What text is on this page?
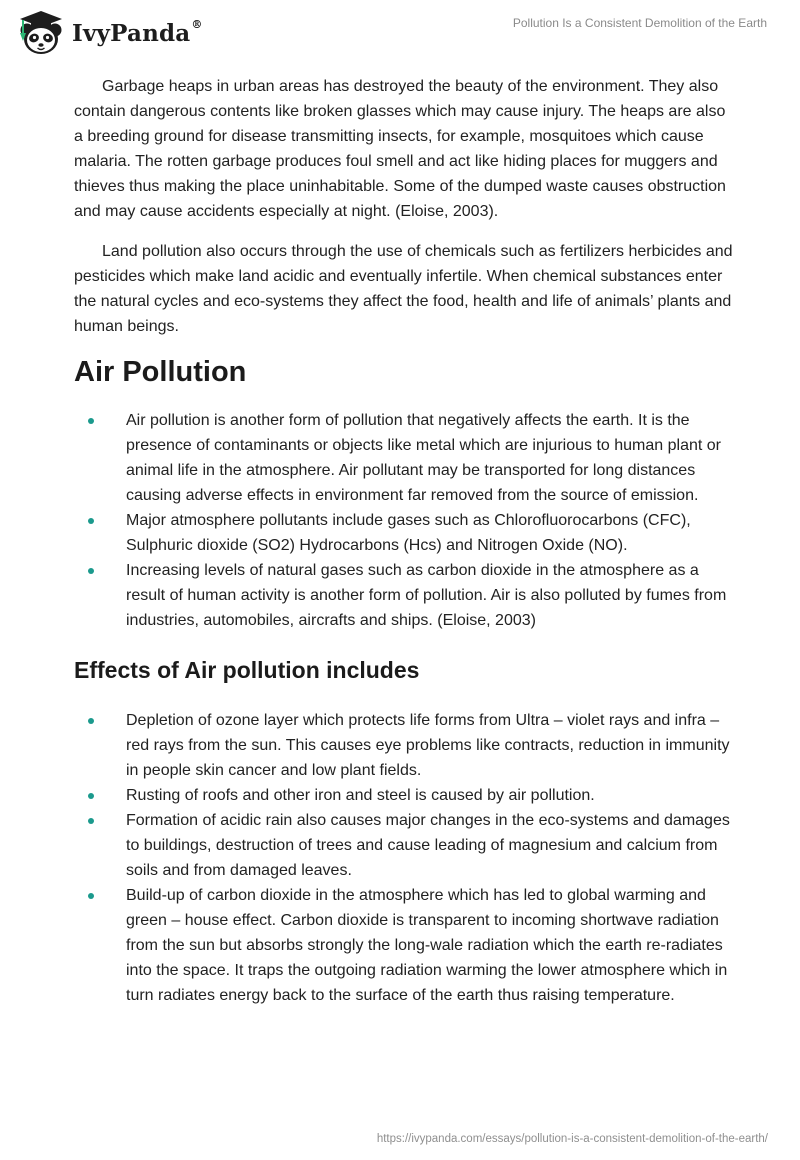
IvyPanda®	Pollution Is a Consistent Demolition of the Earth

Garbage heaps in urban areas has destroyed the beauty of the environment. They also contain dangerous contents like broken glasses which may cause injury. The heaps are also a breeding ground for disease transmitting insects, for example, mosquitoes which cause malaria. The rotten garbage produces foul smell and act like hiding places for muggers and thieves thus making the place uninhabitable. Some of the dumped waste causes obstruction and may cause accidents especially at night. (Eloise, 2003).

Land pollution also occurs through the use of chemicals such as fertilizers herbicides and pesticides which make land acidic and eventually infertile. When chemical substances enter the natural cycles and eco-systems they affect the food, health and life of animals’ plants and human beings.

Air Pollution
Air pollution is another form of pollution that negatively affects the earth. It is the presence of contaminants or objects like metal which are injurious to human plant or animal life in the atmosphere. Air pollutant may be transported for long distances causing adverse effects in environment far removed from the source of emission.
Major atmosphere pollutants include gases such as Chlorofluorocarbons (CFC), Sulphuric dioxide (SO2) Hydrocarbons (Hcs) and Nitrogen Oxide (NO).
Increasing levels of natural gases such as carbon dioxide in the atmosphere as a result of human activity is another form of pollution. Air is also polluted by fumes from industries, automobiles, aircrafts and ships. (Eloise, 2003)
Effects of Air pollution includes
Depletion of ozone layer which protects life forms from Ultra – violet rays and infra – red rays from the sun. This causes eye problems like contracts, reduction in immunity in people skin cancer and low plant fields.
Rusting of roofs and other iron and steel is caused by air pollution.
Formation of acidic rain also causes major changes in the eco-systems and damages to buildings, destruction of trees and cause leading of magnesium and calcium from soils and from damaged leaves.
Build-up of carbon dioxide in the atmosphere which has led to global warming and green – house effect. Carbon dioxide is transparent to incoming shortwave radiation from the sun but absorbs strongly the long-wale radiation which the earth re-radiates into the space. It traps the outgoing radiation warming the lower atmosphere which in turn radiates energy back to the surface of the earth thus raising temperature.
https://ivypanda.com/essays/pollution-is-a-consistent-demolition-of-the-earth/
